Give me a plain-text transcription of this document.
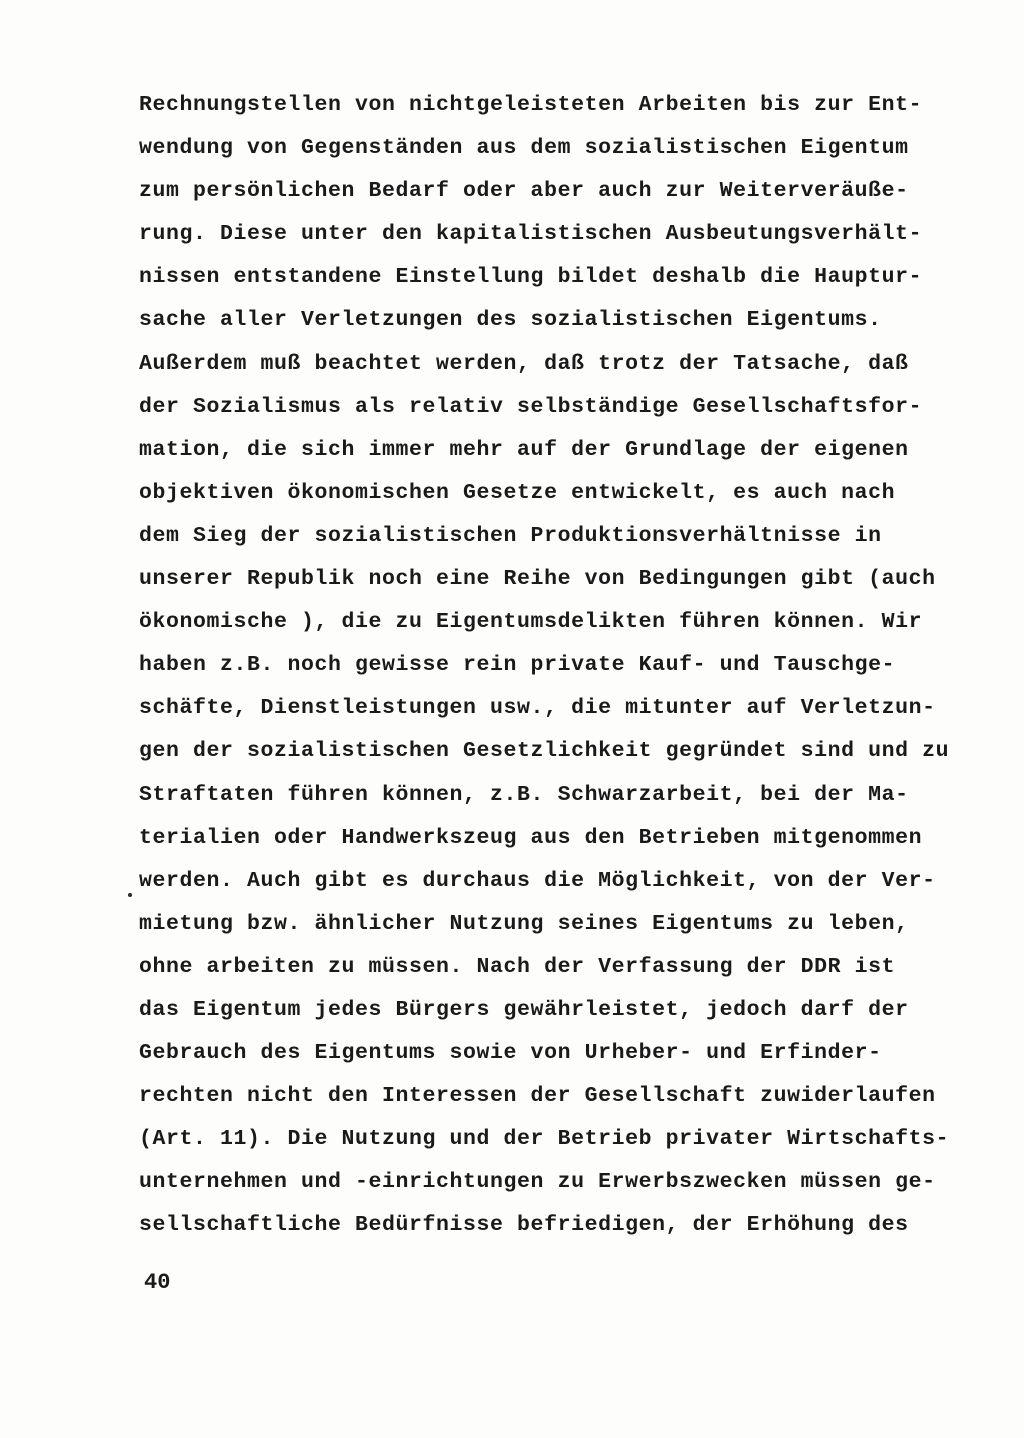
Rechnungstellen von nichtgeleisteten Arbeiten bis zur Ent-
wendung von Gegenständen aus dem sozialistischen Eigentum
zum persönlichen Bedarf oder aber auch zur Weiterveräuße-
rung. Diese unter den kapitalistischen Ausbeutungsverhält-
nissen entstandene Einstellung bildet deshalb die Hauptur-
sache aller Verletzungen des sozialistischen Eigentums.
Außerdem muß beachtet werden, daß trotz der Tatsache, daß
der Sozialismus als relativ selbständige Gesellschaftsfor-
mation, die sich immer mehr auf der Grundlage der eigenen
objektiven ökonomischen Gesetze entwickelt, es auch nach
dem Sieg der sozialistischen Produktionsverhältnisse in
unserer Republik noch eine Reihe von Bedingungen gibt (auch
ökonomische ), die zu Eigentumsdelikten führen können. Wir
haben z.B. noch gewisse rein private Kauf- und Tauschge-
schäfte, Dienstleistungen usw., die mitunter auf Verletzun-
gen der sozialistischen Gesetzlichkeit gegründet sind und zu
Straftaten führen können, z.B. Schwarzarbeit, bei der Ma-
terialien oder Handwerkszeug aus den Betrieben mitgenommen
werden. Auch gibt es durchaus die Möglichkeit, von der Ver-
mietung bzw. ähnlicher Nutzung seines Eigentums zu leben,
ohne arbeiten zu müssen. Nach der Verfassung der DDR ist
das Eigentum jedes Bürgers gewährleistet, jedoch darf der
Gebrauch des Eigentums sowie von Urheber- und Erfinder-
rechten nicht den Interessen der Gesellschaft zuwiderlaufen
(Art. 11). Die Nutzung und der Betrieb privater Wirtschafts-
unternehmen und -einrichtungen zu Erwerbszwecken müssen ge-
sellschaftliche Bedürfnisse befriedigen, der Erhöhung des
40
